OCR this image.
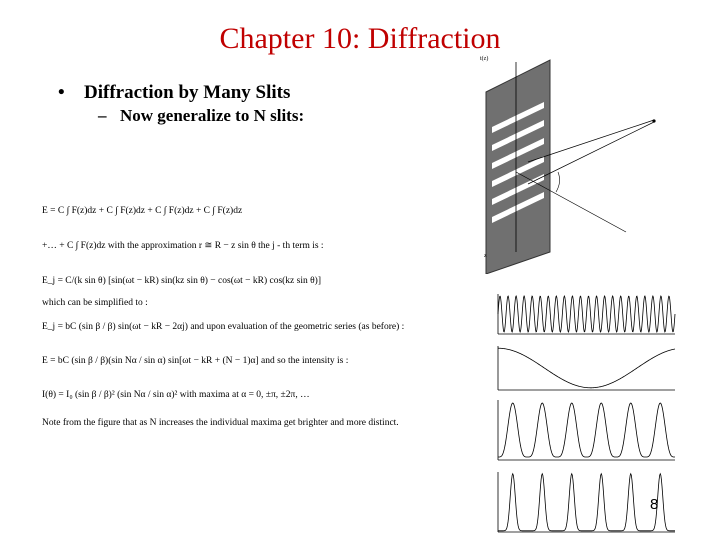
Chapter 10: Diffraction
• Diffraction by Many Slits
– Now generalize to N slits:
E = C ∫ F(z)dz + C ∫ F(z)dz + C ∫ F(z)dz + C ∫ F(z)dz
+… + C ∫ F(z)dz with the approximation r ≅ R − z sin θ the j - th term is :
E_j = C/(k sin θ) [sin(ωt − kR) sin(kz sin θ) − cos(ωt − kR) cos(kz sin θ)]
which can be simplified to :
E_j = bC (sin β / β) sin(ωt − kR − 2αj) and upon evaluation of the geometric series (as before) :
E = bC (sin β / β)(sin Nα / sin α) sin[ωt − kR + (N − 1)α] and so the intensity is :
I(θ) = I₀ (sin β / β)² (sin Nα / sin α)² with maxima at α = 0, ±π, ±2π, …
Note from the figure that as N increases the individual maxima get brighter and more distinct.
t(z)
z
8
